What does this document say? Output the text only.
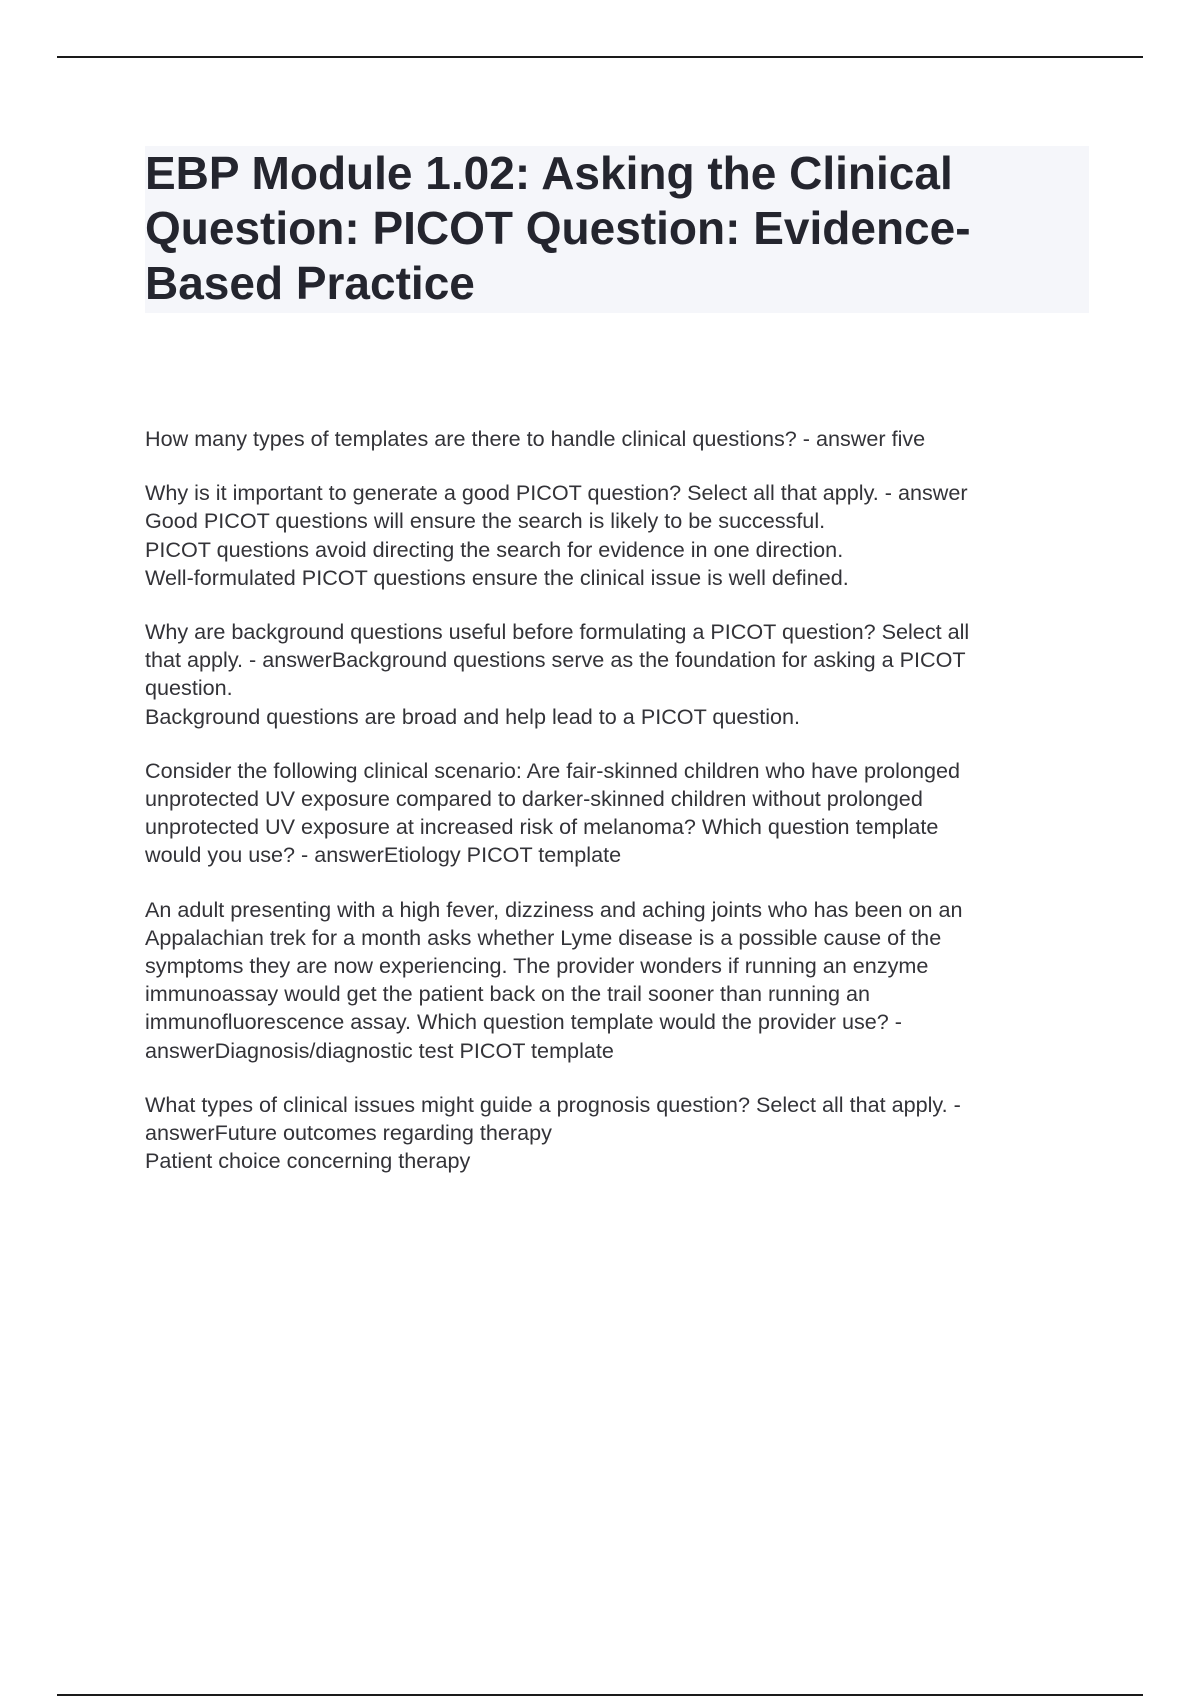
EBP Module 1.02: Asking the Clinical
Question: PICOT Question: Evidence-
Based Practice
How many types of templates are there to handle clinical questions? - answer five
Why is it important to generate a good PICOT question? Select all that apply. - answer
Good PICOT questions will ensure the search is likely to be successful.
PICOT questions avoid directing the search for evidence in one direction.
Well-formulated PICOT questions ensure the clinical issue is well defined.
Why are background questions useful before formulating a PICOT question? Select all
that apply. - answerBackground questions serve as the foundation for asking a PICOT
question.
Background questions are broad and help lead to a PICOT question.
Consider the following clinical scenario: Are fair-skinned children who have prolonged
unprotected UV exposure compared to darker-skinned children without prolonged
unprotected UV exposure at increased risk of melanoma? Which question template
would you use? - answerEtiology PICOT template
An adult presenting with a high fever, dizziness and aching joints who has been on an
Appalachian trek for a month asks whether Lyme disease is a possible cause of the
symptoms they are now experiencing. The provider wonders if running an enzyme
immunoassay would get the patient back on the trail sooner than running an
immunofluorescence assay. Which question template would the provider use? -
answerDiagnosis/diagnostic test PICOT template
What types of clinical issues might guide a prognosis question? Select all that apply. -
answerFuture outcomes regarding therapy
Patient choice concerning therapy
